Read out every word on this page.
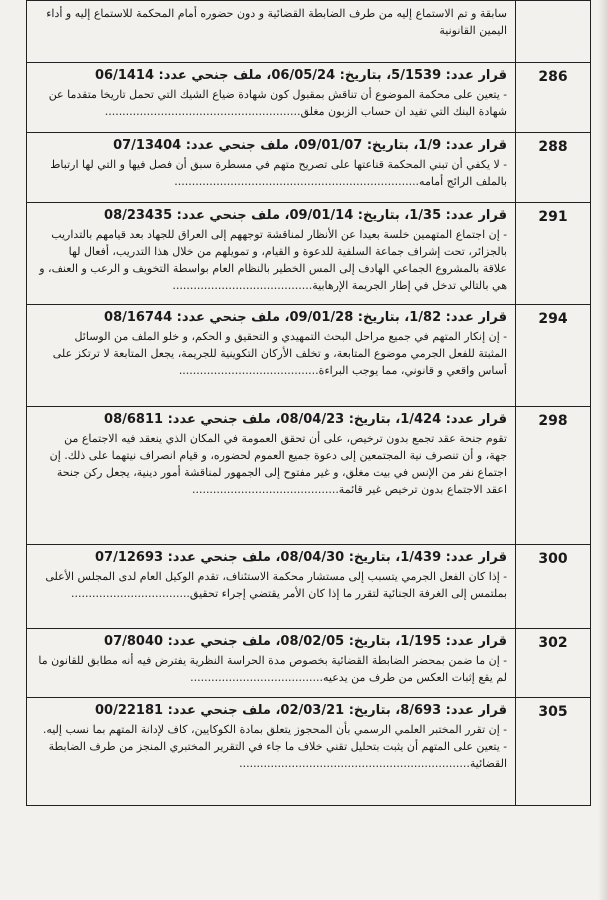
سابقة و تم الاستماع إليه من طرف الضابطة القضائية و دون حضوره أمام المحكمة للاستماع إليه و أداء
اليمين القانونية	

قرار عدد: 5/1539، بتاريخ: 06/05/24، ملف جنحي عدد: 06/1414
- يتعين على محكمة الموضوع أن تناقش بمقبول كون شهادة ضياع الشيك التي تحمل تاريخا متقدما عن
شهادة البنك التي تفيد ان حساب الزبون مغلق........................................................	286

قرار عدد: 1/9، بتاريخ: 09/01/07، ملف جنحي عدد: 07/13404
- لا يكفي أن تبني المحكمة قناعتها على تصريح متهم في مسطرة سبق أن فصل فيها و التي لها ارتباط
بالملف الرائج أمامه......................................................................	288

قرار عدد: 1/35، بتاريخ: 09/01/14، ملف جنحي عدد: 08/23435
- إن اجتماع المتهمين خلسة بعيدا عن الأنظار لمناقشة توجههم إلى العراق للجهاد بعد قيامهم بالتداريب
بالجزائر، تحت إشراف جماعة السلفية للدعوة و القيام، و تمويلهم من خلال هذا التدريب، أفعال لها
علاقة بالمشروع الجماعي الهادف إلى المس الخطير بالنظام العام بواسطة التخويف و الرعب و العنف، و
هي بالتالي تدخل في إطار الجريمة الإرهابية........................................	291

قرار عدد: 1/82، بتاريخ: 09/01/28، ملف جنحي عدد: 08/16744
- إن إنكار المتهم في جميع مراحل البحث التمهيدي و التحقيق و الحكم، و خلو الملف من الوسائل
المثبتة للفعل الجرمي موضوع المتابعة، و تخلف الأركان التكوينية للجريمة، يجعل المتابعة لا ترتكز على
أساس واقعي و قانوني، مما يوجب البراءة........................................	294

قرار عدد: 1/424، بتاريخ: 08/04/23، ملف جنحي عدد: 08/6811
تقوم جنحة عقد تجمع بدون ترخيص، على أن تحقق العمومة في المكان الذي ينعقد فيه الاجتماع من
جهة، و أن تنصرف نية المجتمعين إلى دعوة جميع العموم لحضوره، و قيام انصراف نيتهما على ذلك. إن
اجتماع نفر من الإنس في بيت مغلق، و غير مفتوح إلى الجمهور لمناقشة أمور دينية، يجعل ركن جنحة
اعقد الاجتماع بدون ترخيص غير قائمة..........................................	298

قرار عدد: 1/439، بتاريخ: 08/04/30، ملف جنحي عدد: 07/12693
- إذا كان الفعل الجرمي يتسبب إلى مستشار محكمة الاستئناف، تقدم الوكيل العام لدى المجلس الأعلى
بملتمس إلى الغرفة الجنائية لتقرر ما إذا كان الأمر يقتضي إجراء تحقيق..................................	300

قرار عدد: 1/195، بتاريخ: 08/02/05، ملف جنحي عدد: 07/8040
- إن ما ضمن بمحضر الضابطة القضائية بخصوص مدة الحراسة النظرية يفترض فيه أنه مطابق للقانون ما
لم يقع إثبات العكس من طرف من يدعيه......................................	302

قرار عدد: 8/693، بتاريخ: 02/03/21، ملف جنحي عدد: 00/22181
- إن تقرر المختبر العلمي الرسمي بأن المحجوز يتعلق بمادة الكوكايين، كاف لإدانة المتهم بما نسب إليه.
- يتعين على المتهم أن يثبت بتحليل تقني خلاف ما جاء في التقرير المختبري المنجز من طرف الضابطة
القضائية..................................................................	305
